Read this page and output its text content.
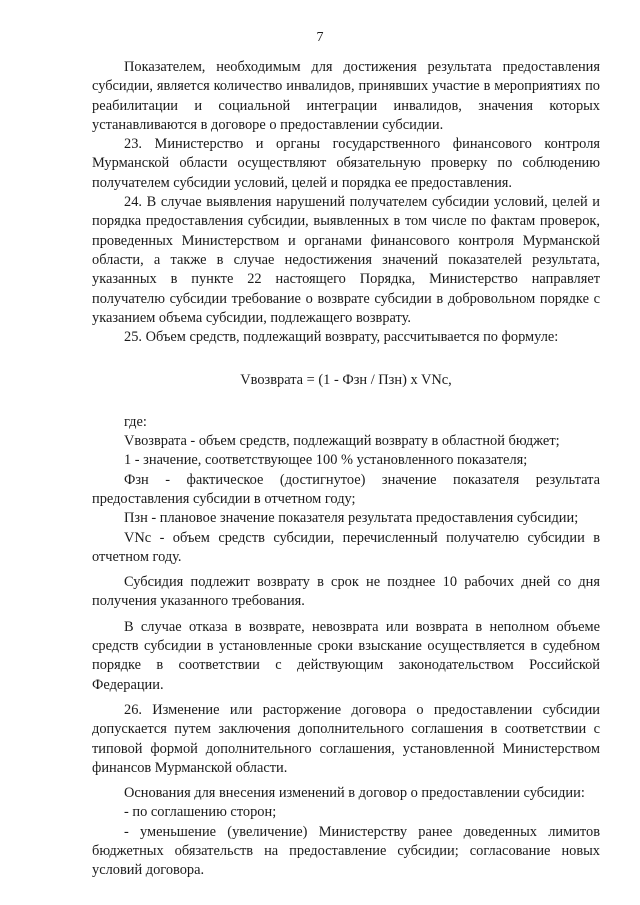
7

Показателем, необходимым для достижения результата предоставления субсидии, является количество инвалидов, принявших участие в мероприятиях по реабилитации и социальной интеграции инвалидов, значения которых устанавливаются в договоре о предоставлении субсидии.

23. Министерство и органы государственного финансового контроля Мурманской области осуществляют обязательную проверку по соблюдению получателем субсидии условий, целей и порядка ее предоставления.

24. В случае выявления нарушений получателем субсидии условий, целей и порядка предоставления субсидии, выявленных в том числе по фактам проверок, проведенных Министерством и органами финансового контроля Мурманской области, а также в случае недостижения значений показателей результата, указанных в пункте 22 настоящего Порядка, Министерство направляет получателю субсидии требование о возврате субсидии в добровольном порядке с указанием объема субсидии, подлежащего возврату.

25. Объем средств, подлежащий возврату, рассчитывается по формуле:

Vвозврата = (1 - Фзн / Пзн) x VNc,

где:

Vвозврата - объем средств, подлежащий возврату в областной бюджет;

1 - значение, соответствующее 100 % установленного показателя;

Фзн - фактическое (достигнутое) значение показателя результата предоставления субсидии в отчетном году;

Пзн - плановое значение показателя результата предоставления субсидии;

VNc - объем средств субсидии, перечисленный получателю субсидии в отчетном году.

Субсидия подлежит возврату в срок не позднее 10 рабочих дней со дня получения указанного требования.

В случае отказа в возврате, невозврата или возврата в неполном объеме средств субсидии в установленные сроки взыскание осуществляется в судебном порядке в соответствии с действующим законодательством Российской Федерации.

26. Изменение или расторжение договора о предоставлении субсидии допускается путем заключения дополнительного соглашения в соответствии с типовой формой дополнительного соглашения, установленной Министерством финансов Мурманской области.

Основания для внесения изменений в договор о предоставлении субсидии:

- по соглашению сторон;

- уменьшение (увеличение) Министерству ранее доведенных лимитов бюджетных обязательств на предоставление субсидии; согласование новых условий договора.
